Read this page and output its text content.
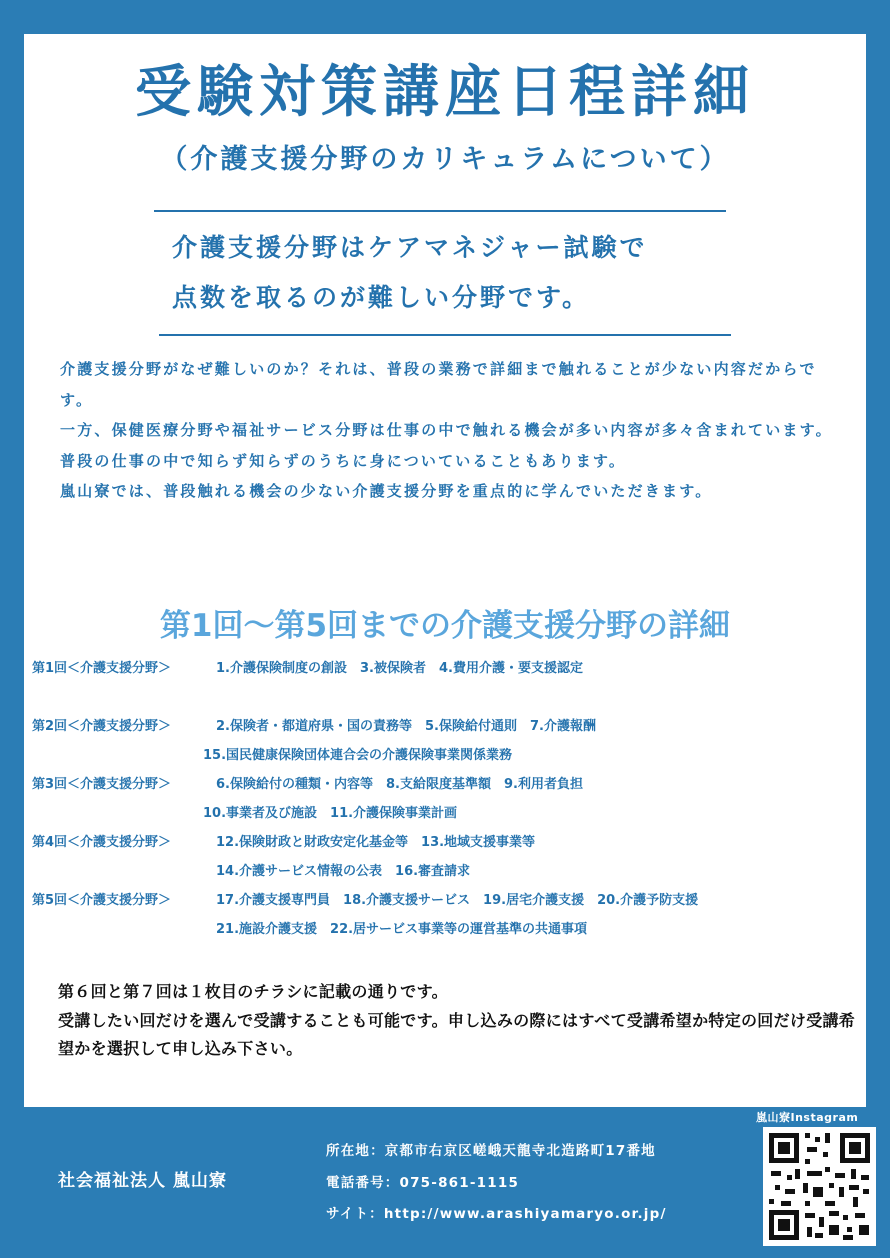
受験対策講座日程詳細
（介護支援分野のカリキュラムについて）
介護支援分野はケアマネジャー試験で
点数を取るのが難しい分野です。

介護支援分野がなぜ難しいのか？それは、普段の業務で詳細まで触れることが少ない内容だからです。

一方、保健医療分野や福祉サービス分野は仕事の中で触れる機会が多い内容が多々含まれています。普段の仕事の中で知らず知らずのうちに身についていることもあります。

嵐山寮では、普段触れる機会の少ない介護支援分野を重点的に学んでいただきます。

第1回～第5回までの介護支援分野の詳細
第1回＜介護支援分野＞	1.介護保険制度の創設　3.被保険者　4.費用介護・要支援認定
第2回＜介護支援分野＞	2.保険者・都道府県・国の責務等　5.保険給付通則　7.介護報酬
15.国民健康保険団体連合会の介護保険事業関係業務
第3回＜介護支援分野＞	6.保険給付の種類・内容等　8.支給限度基準額　9.利用者負担
10.事業者及び施設　11.介護保険事業計画
第4回＜介護支援分野＞	12.保険財政と財政安定化基金等　13.地域支援事業等
14.介護サービス情報の公表　16.審査請求
第5回＜介護支援分野＞	17.介護支援専門員　18.介護支援サービス　19.居宅介護支援　20.介護予防支援
21.施設介護支援　22.居サービス事業等の運営基準の共通事項

第６回と第７回は１枚目のチラシに記載の通りです。

受講したい回だけを選んで受講することも可能です。申し込みの際にはすべて受講希望か特定の回だけ受講希望かを選択して申し込み下さい。

社会福祉法人 嵐山寮
所在地：京都市右京区嵯峨天龍寺北造路町17番地
電話番号：075-861-1115
サイト：http://www.arashiyamaryo.or.jp/
嵐山寮Instagram
